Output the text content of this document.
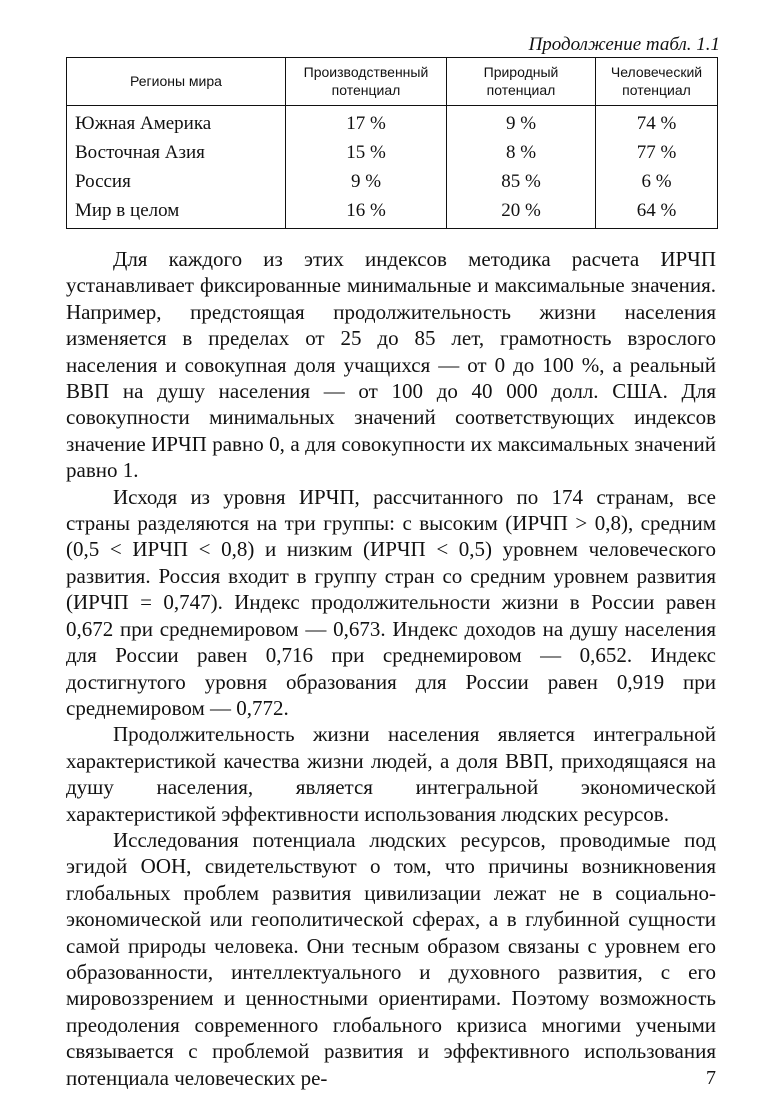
Продолжение табл. 1.1
Регионы мира	Производственный потенциал	Природный потенциал	Человеческий потенциал
Южная Америка	17 %	9 %	74 %
Восточная Азия	15 %	8 %	77 %
Россия	9 %	85 %	6 %
Мир в целом	16 %	20 %	64 %

Для каждого из этих индексов методика расчета ИРЧП устанавливает фиксированные минимальные и максимальные значения. Например, предстоящая продолжительность жизни населения изменяется в пределах от 25 до 85 лет, грамотность взрослого населения и совокупная доля учащихся — от 0 до 100 %, а реальный ВВП на душу населения — от 100 до 40 000 долл. США. Для совокупности минимальных значений соответствующих индексов значение ИРЧП равно 0, а для совокупности их максимальных значений равно 1.

Исходя из уровня ИРЧП, рассчитанного по 174 странам, все страны разделяются на три группы: с высоким (ИРЧП > 0,8), средним (0,5 < ИРЧП < 0,8) и низким (ИРЧП < 0,5) уровнем человеческого развития. Россия входит в группу стран со средним уровнем развития (ИРЧП = 0,747). Индекс продолжительности жизни в России равен 0,672 при среднемировом — 0,673. Индекс доходов на душу населения для России равен 0,716 при среднемировом — 0,652. Индекс достигнутого уровня образования для России равен 0,919 при среднемировом — 0,772.

Продолжительность жизни населения является интегральной характеристикой качества жизни людей, а доля ВВП, приходящаяся на душу населения, является интегральной экономической характеристикой эффективности использования людских ресурсов.

Исследования потенциала людских ресурсов, проводимые под эгидой ООН, свидетельствуют о том, что причины возникновения глобальных проблем развития цивилизации лежат не в социально-экономической или геополитической сферах, а в глубинной сущности самой природы человека. Они тесным образом связаны с уровнем его образованности, интеллектуального и духовного развития, с его мировоззрением и ценностными ориентирами. Поэтому возможность преодоления современного глобального кризиса многими учеными связывается с проблемой развития и эффективного использования потенциала человеческих ре-	7
